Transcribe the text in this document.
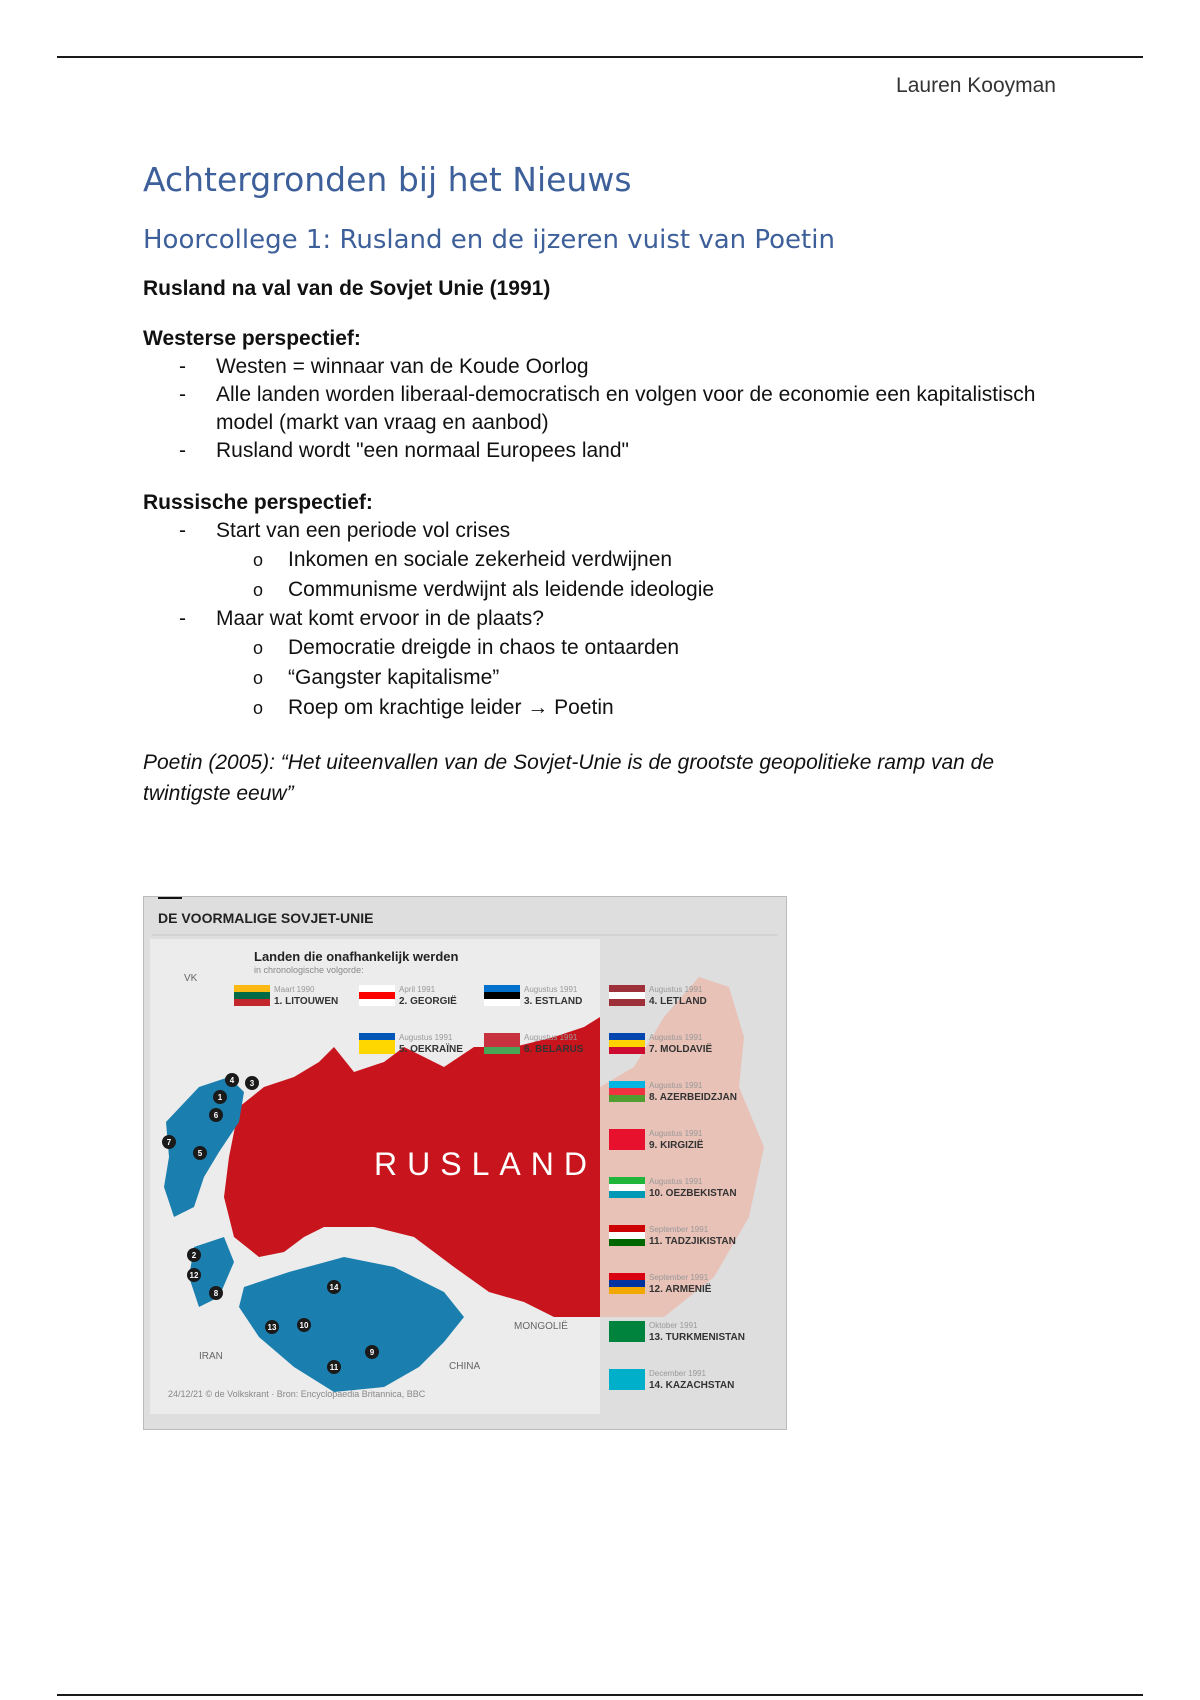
Lauren Kooyman
Achtergronden bij het Nieuws
Hoorcollege 1: Rusland en de ijzeren vuist van Poetin

Rusland na val van de Sovjet Unie (1991)

Westerse perspectief:

- Westen = winnaar van de Koude Oorlog
- Alle landen worden liberaal-democratisch en volgen voor de economie een kapitalistisch model (markt van vraag en aanbod)
- Rusland wordt "een normaal Europees land"

Russische perspectief:

- Start van een periode vol crises
o Inkomen en sociale zekerheid verdwijnen
o Communisme verdwijnt als leidende ideologie
- Maar wat komt ervoor in de plaats?
o Democratie dreigde in chaos te ontaarden
o “Gangster kapitalisme”
o Roep om krachtige leider → Poetin

Poetin (2005): “Het uiteenvallen van de Sovjet-Unie is de grootste geopolitieke ramp van de twintigste eeuw”

DE VOORMALIGE SOVJET-UNIE
RUSLAND
VK
IRAN
CHINA
MONGOLIË
Landen die onafhankelijk werden
in chronologische volgorde:
24/12/21 © de Volkskrant · Bron: Encyclopaedia Britannica, BBC
Maart 1990
1. LITOUWEN
April 1991
2. GEORGIË
Augustus 1991
3. ESTLAND
Augustus 1991
4. LETLAND
Augustus 1991
5. OEKRAÏNE
Augustus 1991
6. BELARUS
Augustus 1991
7. MOLDAVIË
Augustus 1991
8. AZERBEIDZJAN
Augustus 1991
9. KIRGIZIË
Augustus 1991
10. OEZBEKISTAN
September 1991
11. TADZJIKISTAN
September 1991
12. ARMENIË
Oktober 1991
13. TURKMENISTAN
December 1991
14. KAZACHSTAN
4 3
1
6
7
5
2
12
8
14
13	10
9
11
